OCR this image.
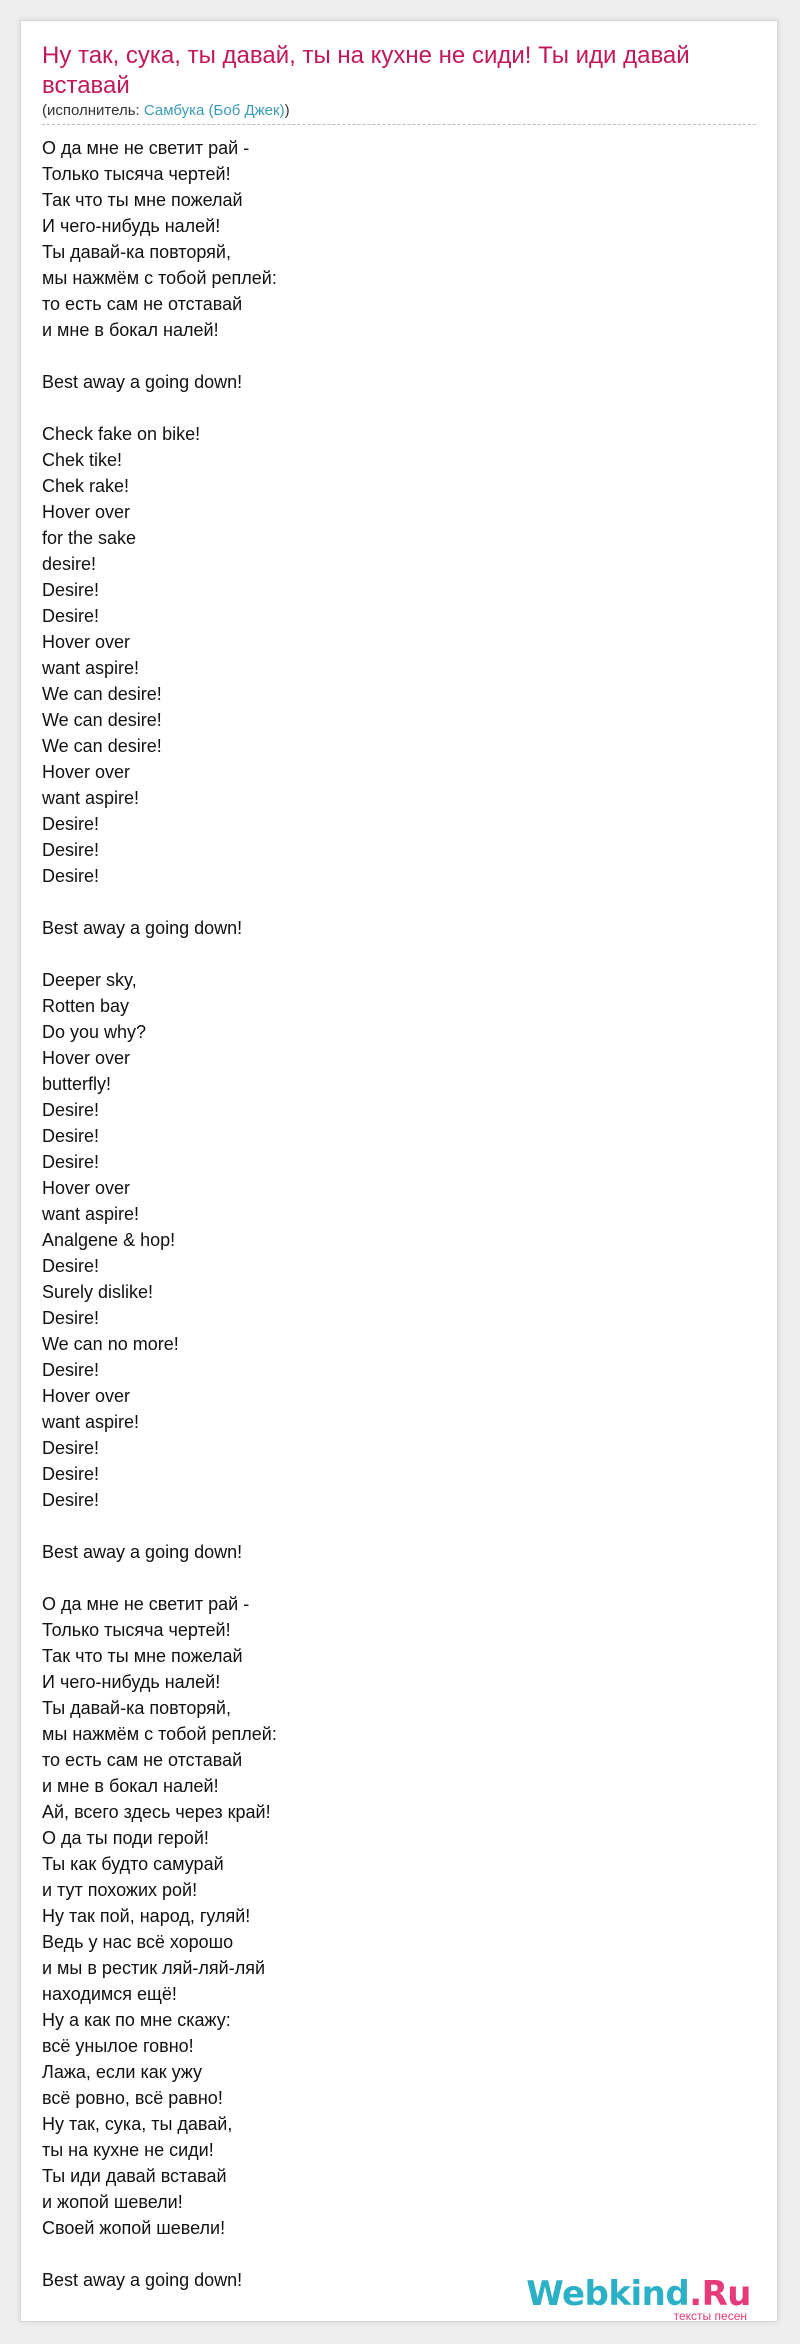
Ну так, сука, ты давай, ты на кухне не сиди! Ты иди давай вставай
(исполнитель: Самбука (Боб Джек))
О да мне не светит рай -
Только тысяча чертей!
Так что ты мне пожелай
И чего-нибудь налей!
Ты давай-ка повторяй,
мы нажмём с тобой реплей:
то есть сам не отставай
и мне в бокал налей!

Best away a going down!

Check fake on bike!
Chek tike!
Chek rake!
Hover over
for the sake
desire!
Desire!
Desire!
Hover over
want aspire!
We can desire!
We can desire!
We can desire!
Hover over
want aspire!
Desire!
Desire!
Desire!

Best away a going down!

Deeper sky,
Rotten bay
Do you why?
Hover over
butterfly!
Desire!
Desire!
Desire!
Hover over
want aspire!
Analgene & hop!
Desire!
Surely dislike!
Desire!
We can no more!
Desire!
Hover over
want aspire!
Desire!
Desire!
Desire!

Best away a going down!

О да мне не светит рай -
Только тысяча чертей!
Так что ты мне пожелай
И чего-нибудь налей!
Ты давай-ка повторяй,
мы нажмём с тобой реплей:
то есть сам не отставай
и мне в бокал налей!
Ай, всего здесь через край!
О да ты поди герой!
Ты как будто самурай
и тут похожих рой!
Ну так пой, народ, гуляй!
Ведь у нас всё хорошо
и мы в рестик ляй-ляй-ляй
находимся ещё!
Ну а как по мне скажу:
всё унылое говно!
Лажа, если как ужу
всё ровно, всё равно!
Ну так, сука, ты давай,
ты на кухне не сиди!
Ты иди давай вставай
и жопой шевели!
Своей жопой шевели!

Best away a going down!	Webkind.Ru
тексты песен
